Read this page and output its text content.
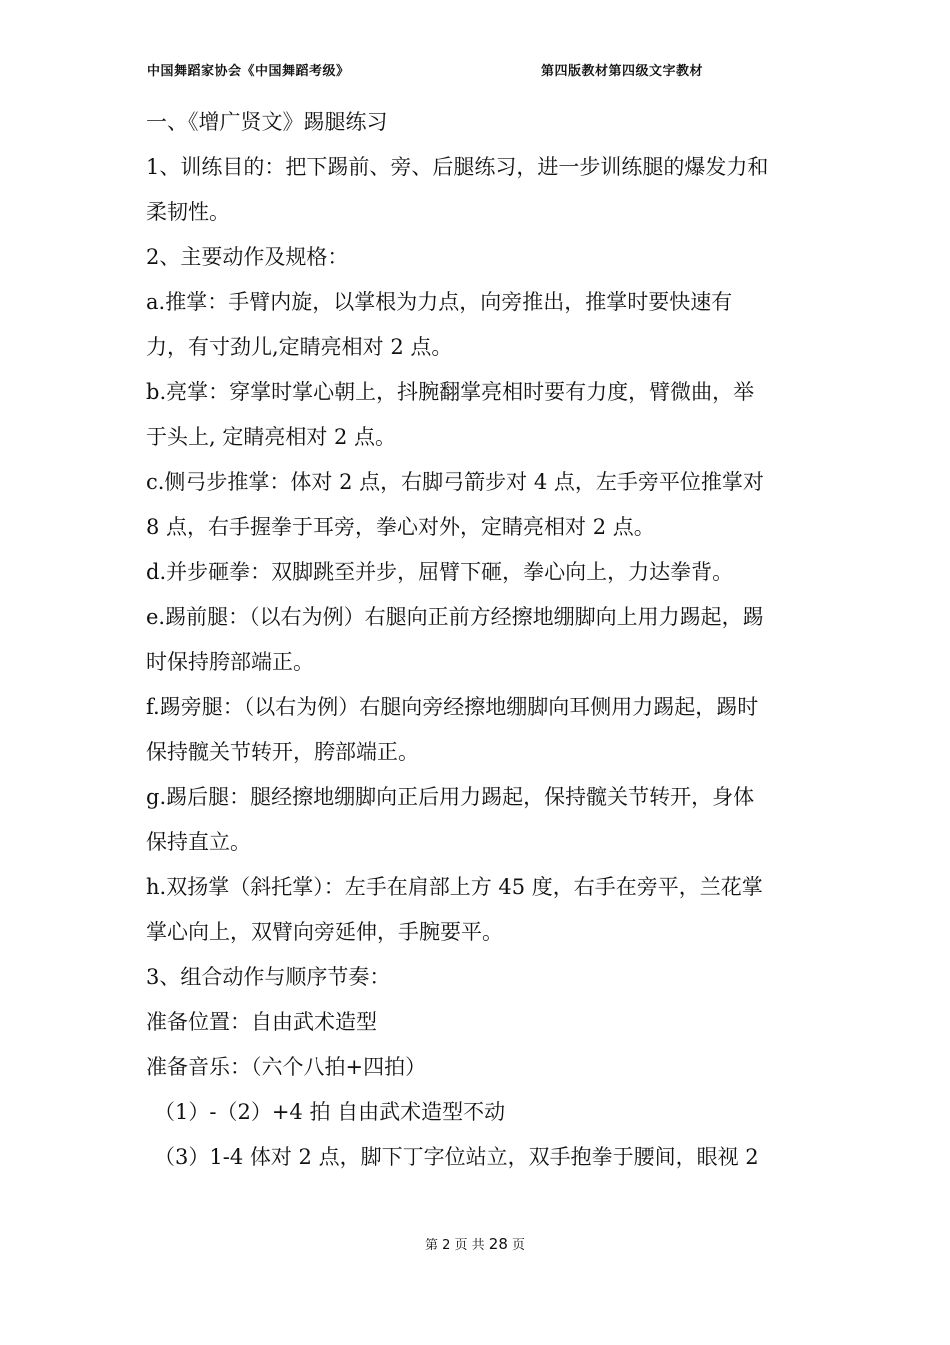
中国舞蹈家协会《中国舞蹈考级》	第四版教材第四级文字教材
一、《增广贤文》踢腿练习
1、训练目的：把下踢前、旁、后腿练习，进一步训练腿的爆发力和
柔韧性。
2、主要动作及规格：
a.推掌：手臂内旋，以掌根为力点，向旁推出，推掌时要快速有
力，有寸劲儿,定睛亮相对 2 点。
b.亮掌：穿掌时掌心朝上，抖腕翻掌亮相时要有力度，臂微曲，举
于头上, 定睛亮相对 2 点。
c.侧弓步推掌：体对 2 点，右脚弓箭步对 4 点，左手旁平位推掌对
8 点，右手握拳于耳旁，拳心对外，定睛亮相对 2 点。
d.并步砸拳：双脚跳至并步，屈臂下砸，拳心向上，力达拳背。
e.踢前腿：（以右为例）右腿向正前方经擦地绷脚向上用力踢起，踢
时保持胯部端正。
f.踢旁腿：（以右为例）右腿向旁经擦地绷脚向耳侧用力踢起，踢时
保持髋关节转开，胯部端正。
g.踢后腿：腿经擦地绷脚向正后用力踢起，保持髋关节转开，身体
保持直立。
h.双扬掌（斜托掌）：左手在肩部上方 45 度，右手在旁平，兰花掌
掌心向上，双臂向旁延伸，手腕要平。
3、组合动作与顺序节奏：
准备位置：自由武术造型
准备音乐：（六个八拍+四拍）
（1）-（2）+4 拍 自由武术造型不动
（3）1-4 体对 2 点，脚下丁字位站立，双手抱拳于腰间，眼视 2
第 2 页 共 28 页
